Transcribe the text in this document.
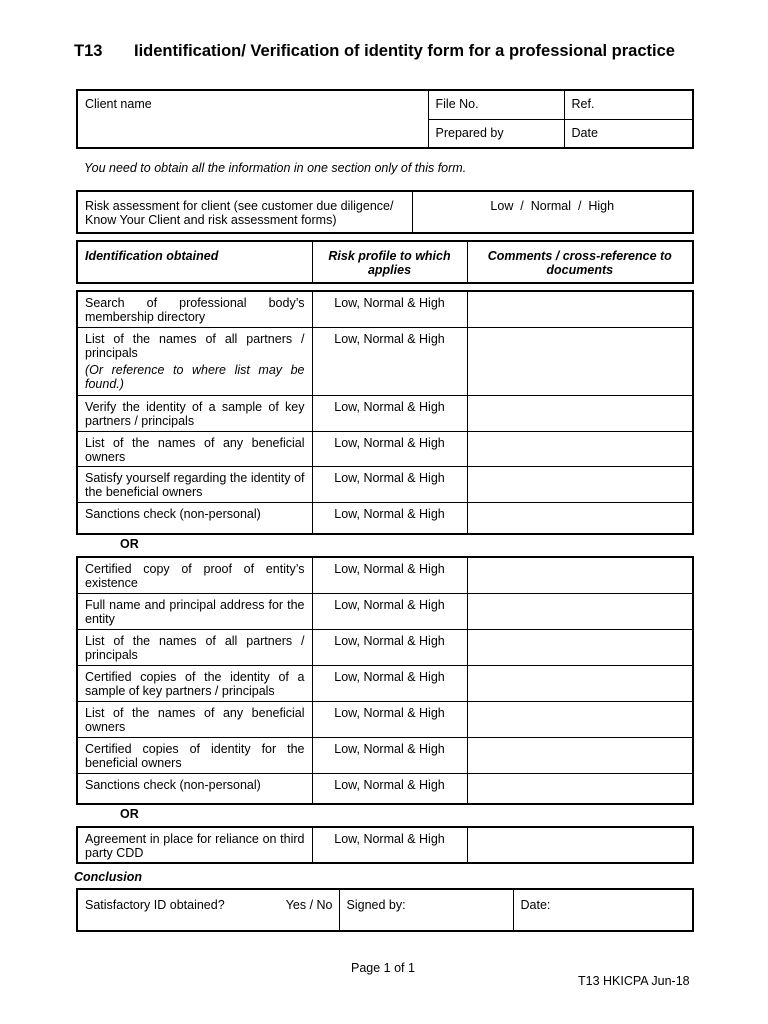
T13 Iidentification/ Verification of identity form for a professional practice
Client name	File No.	Ref.
	Prepared by	Date
You need to obtain all the information in one section only of this form.
Risk assessment for client (see customer due diligence/ Know Your Client and risk assessment forms)	Low  /  Normal  /  High
Identification obtained	Risk profile to which applies	Comments / cross-reference to documents
Search of professional body’s membership directory	Low, Normal & High	

List of the names of all partners / principals
(Or reference to where list may be found.)	Low, Normal & High	
Verify the identity of a sample of key partners / principals	Low, Normal & High	
List of the names of any beneficial owners	Low, Normal & High	
Satisfy yourself regarding the identity of the beneficial owners	Low, Normal & High	
Sanctions check (non-personal)	Low, Normal & High	
OR
Certified copy of proof of entity’s existence	Low, Normal & High	
Full name and principal address for the entity	Low, Normal & High	
List of the names of all partners / principals	Low, Normal & High	
Certified copies of the identity of a sample of key partners / principals	Low, Normal & High	
List of the names of any beneficial owners	Low, Normal & High	
Certified copies of identity for the beneficial owners	Low, Normal & High	
Sanctions check (non-personal)	Low, Normal & High	
OR
Agreement in place for reliance on third party CDD	Low, Normal & High	
Conclusion
Satisfactory ID obtained?	Yes / No	Signed by:	Date:
Page 1 of 1
T13 HKICPA Jun-18
